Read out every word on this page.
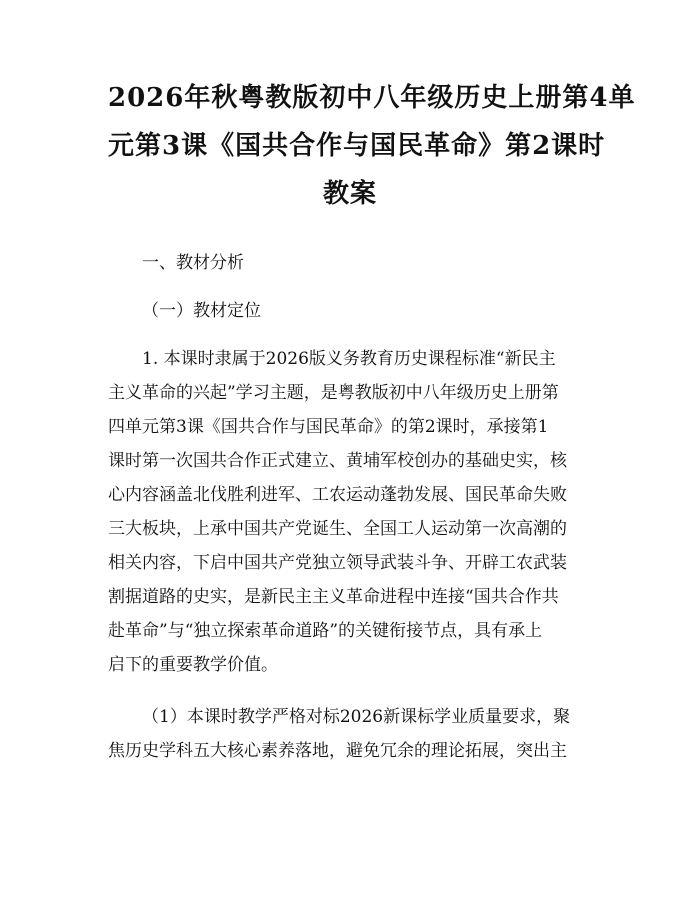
2026年秋粤教版初中八年级历史上册第4单
元第3课《国共合作与国民革命》第2课时
教案

一、教材分析

（一）教材定位

1. 本课时隶属于2026版义务教育历史课程标准“新民主
主义革命的兴起”学习主题，是粤教版初中八年级历史上册第
四单元第3课《国共合作与国民革命》的第2课时，承接第1
课时第一次国共合作正式建立、黄埔军校创办的基础史实，核
心内容涵盖北伐胜利进军、工农运动蓬勃发展、国民革命失败
三大板块，上承中国共产党诞生、全国工人运动第一次高潮的
相关内容，下启中国共产党独立领导武装斗争、开辟工农武装
割据道路的史实，是新民主主义革命进程中连接“国共合作共
赴革命”与“独立探索革命道路”的关键衔接节点，具有承上
启下的重要教学价值。
（1）本课时教学严格对标2026新课标学业质量要求，聚
焦历史学科五大核心素养落地，避免冗余的理论拓展，突出主
